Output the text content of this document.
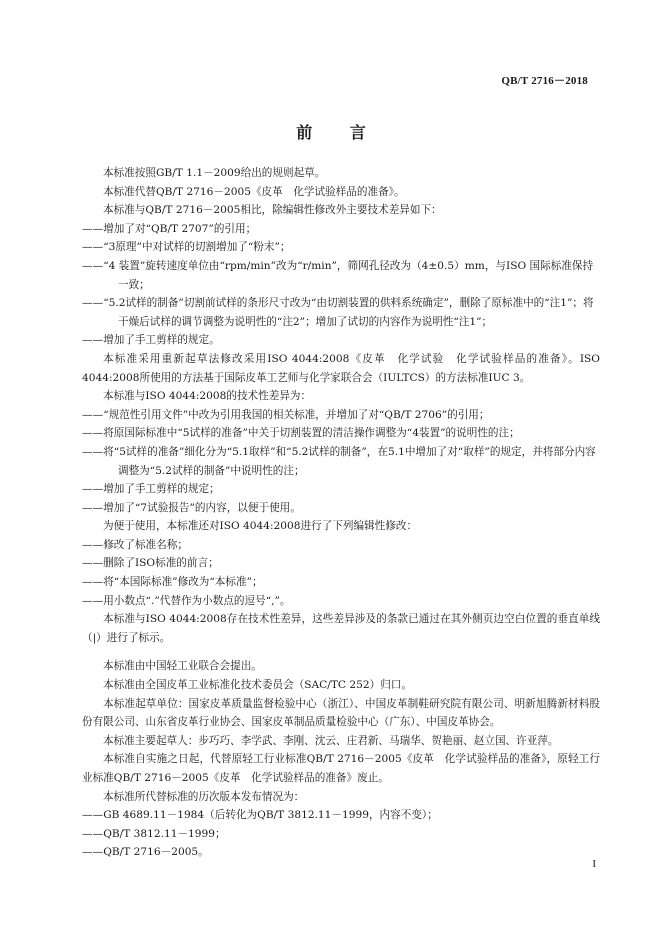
QB/T 2716－2018
前 言
本标准按照GB/T 1.1－2009给出的规则起草。
本标准代替QB/T 2716－2005《皮革　化学试验样品的准备》。
本标准与QB/T 2716－2005相比，除编辑性修改外主要技术差异如下：
——增加了对“QB/T 2707”的引用；
——“3原理”中对试样的切割增加了“粉末”；
——“4 装置”旋转速度单位由“rpm/min”改为“r/min”，筛网孔径改为（4±0.5）mm，与ISO 国际标准保持一致；
——“5.2试样的制备”切割前试样的条形尺寸改为“由切割装置的供料系统确定”，删除了原标准中的“注1”；将干燥后试样的调节调整为说明性的“注2”；增加了试切的内容作为说明性“注1”；
——增加了手工剪样的规定。
本标准采用重新起草法修改采用ISO 4044:2008《皮革　化学试验　化学试验样品的准备》。ISO 4044:2008所使用的方法基于国际皮革工艺师与化学家联合会（IULTCS）的方法标准IUC 3。
本标准与ISO 4044:2008的技术性差异为：
——“规范性引用文件”中改为引用我国的相关标准，并增加了对“QB/T 2706”的引用；
——将原国际标准中“5试样的准备”中关于切割装置的清洁操作调整为“4装置”的说明性的注；
——将“5试样的准备”细化分为“5.1取样”和“5.2试样的制备”，在5.1中增加了对“取样”的规定，并将部分内容调整为“5.2试样的制备”中说明性的注；
——增加了手工剪样的规定；
——增加了“7试验报告”的内容，以便于使用。
为便于使用，本标准还对ISO 4044:2008进行了下列编辑性修改：
——修改了标准名称；
——删除了ISO标准的前言；
——将“本国际标准”修改为“本标准”；
——用小数点“.”代替作为小数点的逗号“,”。
本标准与ISO 4044:2008存在技术性差异，这些差异涉及的条款已通过在其外侧页边空白位置的垂直单线（|）进行了标示。
本标准由中国轻工业联合会提出。
本标准由全国皮革工业标准化技术委员会（SAC/TC 252）归口。
本标准起草单位：国家皮革质量监督检验中心（浙江）、中国皮革制鞋研究院有限公司、明新旭腾新材料股份有限公司、山东省皮革行业协会、国家皮革制品质量检验中心（广东）、中国皮革协会。
本标准主要起草人：步巧巧、李学武、李刚、沈云、庄君新、马瑞华、贺艳丽、赵立国、许亚萍。
本标准自实施之日起，代替原轻工行业标准QB/T 2716－2005《皮革　化学试验样品的准备》，原轻工行业标准QB/T 2716－2005《皮革　化学试验样品的准备》废止。
本标准所代替标准的历次版本发布情况为：
——GB 4689.11－1984（后转化为QB/T 3812.11－1999，内容不变）；
——QB/T 3812.11－1999；
——QB/T 2716－2005。
I
